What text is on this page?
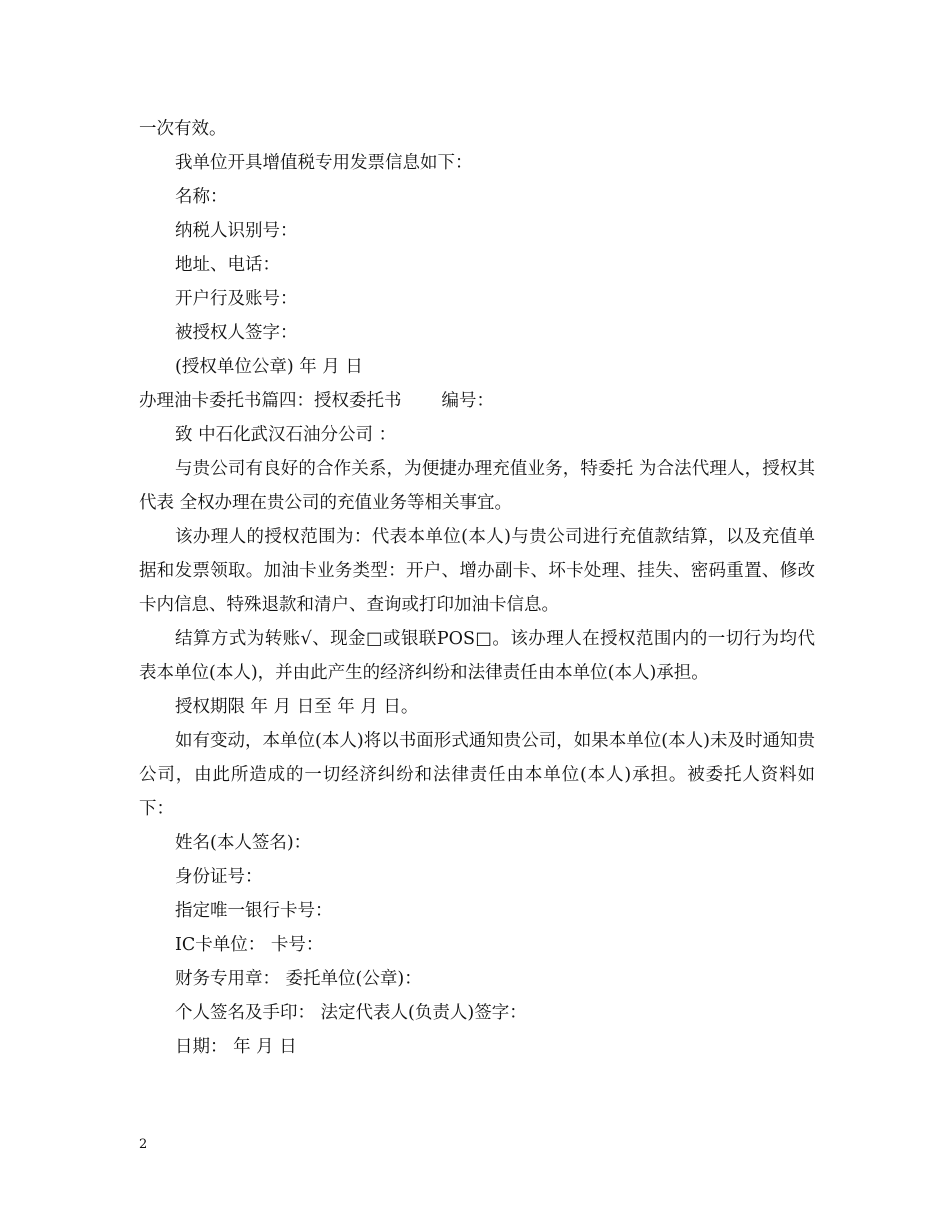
一次有效。
我单位开具增值税专用发票信息如下：
名称：
纳税人识别号：
地址、电话：
开户行及账号：
被授权人签字：
(授权单位公章) 年 月 日
办理油卡委托书篇四：授权委托书 编号：
致 中石化武汉石油分公司 ：
与贵公司有良好的合作关系，为便捷办理充值业务，特委托 为合法代理人，授权其代表 全权办理在贵公司的充值业务等相关事宜。
该办理人的授权范围为：代表本单位(本人)与贵公司进行充值款结算，以及充值单据和发票领取。加油卡业务类型：开户、增办副卡、坏卡处理、挂失、密码重置、修改卡内信息、特殊退款和清户、查询或打印加油卡信息。
结算方式为转账√、现金□或银联POS□。该办理人在授权范围内的一切行为均代表本单位(本人)，并由此产生的经济纠纷和法律责任由本单位(本人)承担。
授权期限 年 月 日至 年 月 日。
如有变动，本单位(本人)将以书面形式通知贵公司，如果本单位(本人)未及时通知贵公司，由此所造成的一切经济纠纷和法律责任由本单位(本人)承担。被委托人资料如下：
姓名(本人签名)：
身份证号：
指定唯一银行卡号：
IC卡单位： 卡号：
财务专用章： 委托单位(公章)：
个人签名及手印： 法定代表人(负责人)签字：
日期： 年 月 日
2
